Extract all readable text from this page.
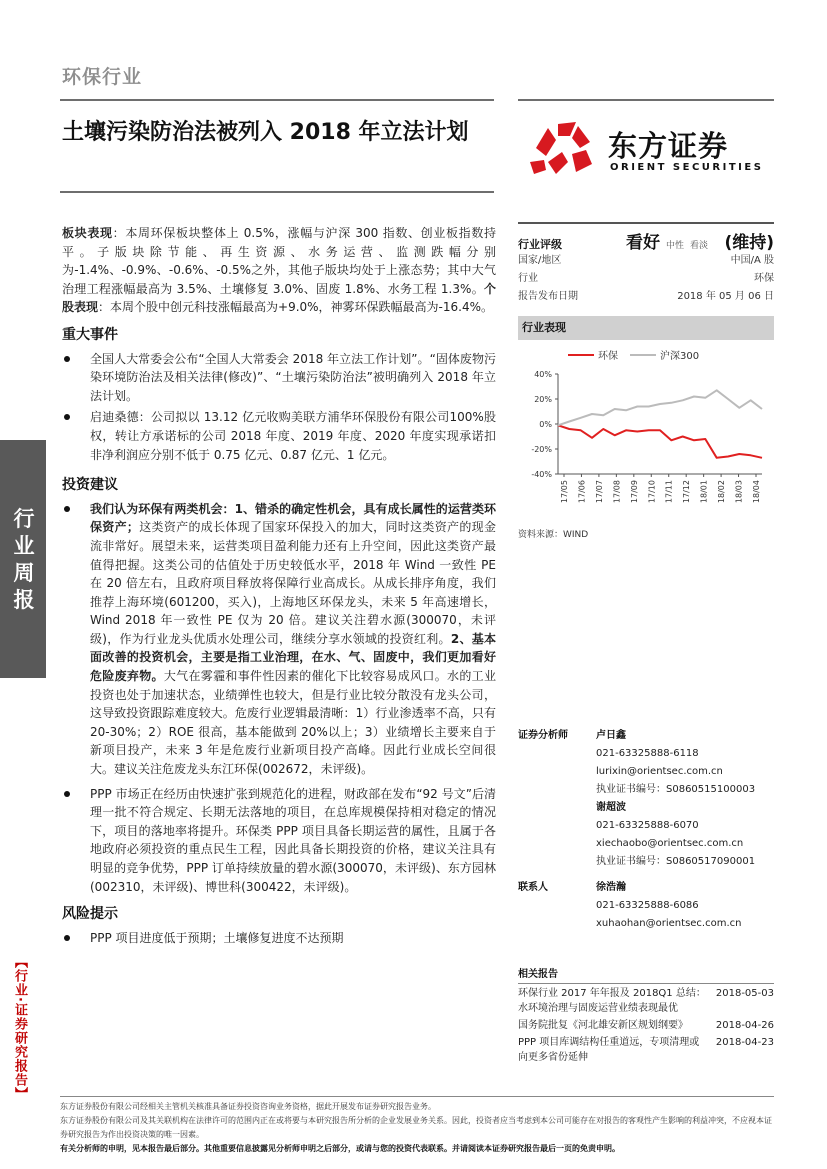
环保行业
土壤污染防治法被列入 2018 年立法计划	东方证券
ORIENT SECURITIES

板块表现：本周环保板块整体上 0.5%，涨幅与沪深 300 指数、创业板指数持平。子版块除节能、再生资源、水务运营、监测跌幅分别为-1.4%、-0.9%、-0.6%、-0.5%之外，其他子版块均处于上涨态势；其中大气治理工程涨幅最高为 3.5%、土壤修复 3.0%、固废 1.8%、水务工程 1.3%。个股表现：本周个股中创元科技涨幅最高为+9.0%，神雾环保跌幅最高为-16.4%。

重大事件
全国人大常委会公布“全国人大常委会 2018 年立法工作计划”。“固体废物污染环境防治法及相关法律(修改)”、“土壤污染防治法”被明确列入 2018 年立法计划。
启迪桑德：公司拟以 13.12 亿元收购美联方浦华环保股份有限公司100%股权，转让方承诺标的公司 2018 年度、2019 年度、2020 年度实现承诺扣非净利润应分别不低于 0.75 亿元、0.87 亿元、1 亿元。
投资建议
我们认为环保有两类机会：1、错杀的确定性机会，具有成长属性的运营类环保资产；这类资产的成长体现了国家环保投入的加大，同时这类资产的现金流非常好。展望未来，运营类项目盈利能力还有上升空间，因此这类资产最值得把握。这类公司的估值处于历史较低水平，2018 年 Wind 一致性 PE 在 20 倍左右，且政府项目释放将保障行业高成长。从成长排序角度，我们推荐上海环境(601200，买入)，上海地区环保龙头，未来 5 年高速增长，Wind 2018 年一致性 PE 仅为 20 倍。建议关注碧水源(300070，未评级)，作为行业龙头优质水处理公司，继续分享水领域的投资红利。2、基本面改善的投资机会，主要是指工业治理，在水、气、固废中，我们更加看好危险废弃物。大气在雾霾和事件性因素的催化下比较容易成风口。水的工业投资也处于加速状态，业绩弹性也较大，但是行业比较分散没有龙头公司，这导致投资跟踪难度较大。危废行业逻辑最清晰：1）行业渗透率不高，只有 20-30%；2）ROE 很高，基本能做到 20%以上；3）业绩增长主要来自于新项目投产，未来 3 年是危废行业新项目投产高峰。因此行业成长空间很大。建议关注危废龙头东江环保(002672，未评级)。
PPP 市场正在经历由快速扩张到规范化的进程，财政部在发布“92 号文”后清理一批不符合规定、长期无法落地的项目，在总库规模保持相对稳定的情况下，项目的落地率将提升。环保类 PPP 项目具备长期运营的属性，且属于各地政府必须投资的重点民生工程，因此具备长期投资的价格，建议关注具有明显的竞争优势，PPP 订单持续放量的碧水源(300070，未评级)、东方园林(002310，未评级)、博世科(300422，未评级)。
风险提示
PPP 项目进度低于预期；土壤修复进度不达预期
行业周报
【行业·证券研究报告】
行业评级	看好 中性 看淡 (维持)
国家/地区	中国/A 股
行业	环保
报告发布日期	2018 年 05 月 06 日
行业表现
环保	沪深300
40%
20%
0%
-20%
-40%
17/05 17/06 17/07 17/08 17/09 17/10 17/11 17/12 18/01 18/02 18/03 18/04
资料来源：WIND
证券分析师	卢日鑫
021-63325888-6118
lurixin@orientsec.com.cn
执业证书编号：S0860515100003
谢超波
021-63325888-6070
xiechaobo@orientsec.com.cn
执业证书编号：S0860517090001
联系人	徐浩瀚
021-63325888-6086
xuhaohan@orientsec.com.cn
相关报告
环保行业 2017 年年报及 2018Q1 总结：水环境治理与固废运营业绩表现最优
2018-05-03
国务院批复《河北雄安新区规划纲要》	2018-04-26
PPP 项目库调结构任重道远，专项清理或向更多省份延伸
2018-04-23
东方证券股份有限公司经相关主管机关核准具备证券投资咨询业务资格，据此开展发布证券研究报告业务。
东方证券股份有限公司及其关联机构在法律许可的范围内正在或将要与本研究报告所分析的企业发展业务关系。因此，投资者应当考虑到本公司可能存在对报告的客观性产生影响的利益冲突，不应视本证券研究报告为作出投资决策的唯一因素。
有关分析师的申明，见本报告最后部分。其他重要信息披露见分析师申明之后部分，或请与您的投资代表联系。并请阅读本证券研究报告最后一页的免责申明。
